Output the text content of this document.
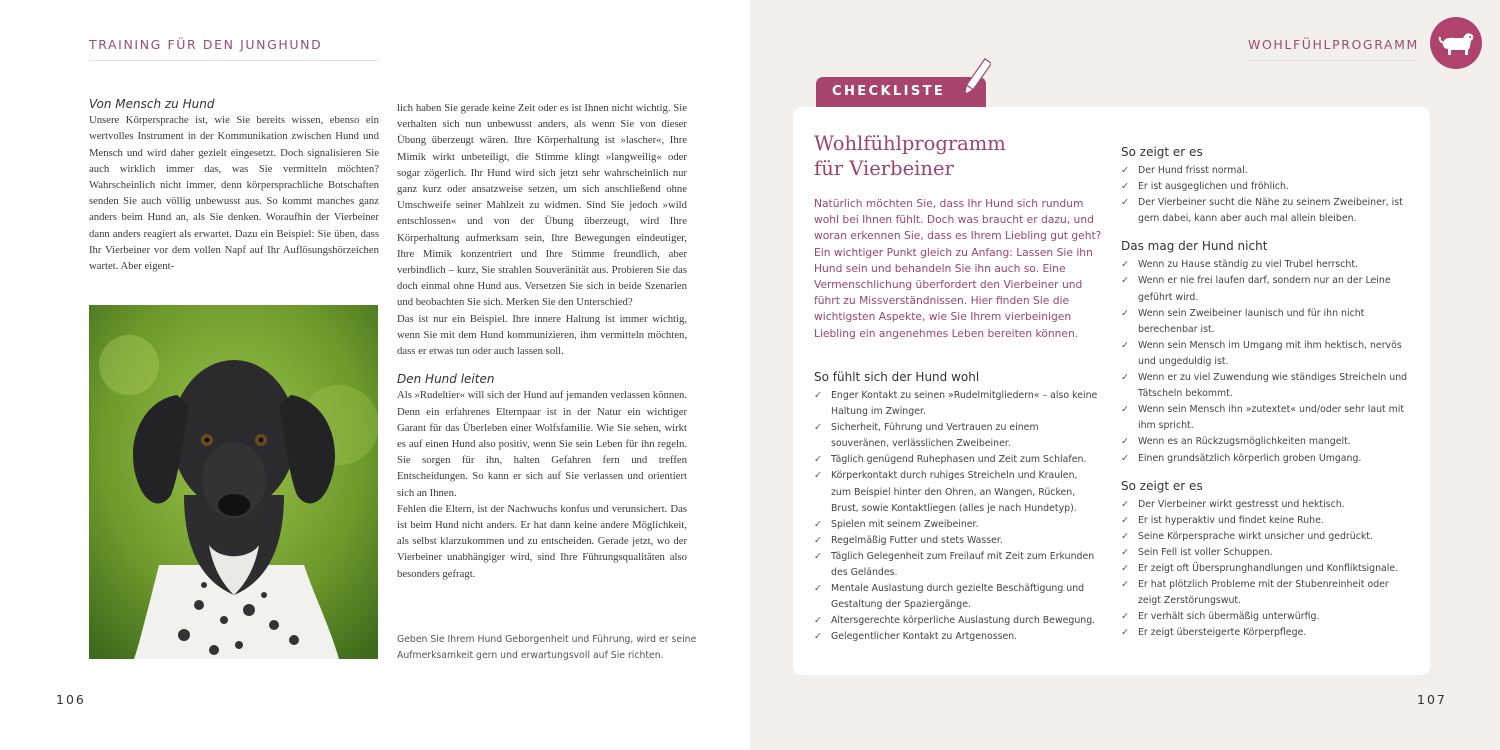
TRAINING FÜR DEN JUNGHUND

Von Mensch zu Hund

Unsere Körpersprache ist, wie Sie bereits wissen, ebenso ein wertvolles Instrument in der Kommunikation zwischen Hund und Mensch und wird daher gezielt eingesetzt. Doch signalisieren Sie auch wirklich immer das, was Sie vermitteln möchten? Wahrscheinlich nicht immer, denn körpersprachliche Botschaften senden Sie auch völlig unbewusst aus. So kommt manches ganz anders beim Hund an, als Sie denken. Woraufhin der Vierbeiner dann anders reagiert als erwartet. Dazu ein Beispiel: Sie üben, dass Ihr Vierbeiner vor dem vollen Napf auf Ihr Auflösungshörzeichen wartet. Aber eigent-

lich haben Sie gerade keine Zeit oder es ist Ihnen nicht wichtig. Sie verhalten sich nun unbewusst anders, als wenn Sie von dieser Übung überzeugt wären. Ihre Körperhaltung ist »lascher«, Ihre Mimik wirkt unbeteiligt, die Stimme klingt »langweilig« oder sogar zögerlich. Ihr Hund wird sich jetzt sehr wahrscheinlich nur ganz kurz oder ansatzweise setzen, um sich anschließend ohne Umschweife seiner Mahlzeit zu widmen. Sind Sie jedoch »wild entschlossen« und von der Übung überzeugt, wird Ihre Körperhaltung aufmerksam sein, Ihre Bewegungen eindeutiger, Ihre Mimik konzentriert und Ihre Stimme freundlich, aber verbindlich – kurz, Sie strahlen Souveränität aus. Probieren Sie das doch einmal ohne Hund aus. Versetzen Sie sich in beide Szenarien und beobachten Sie sich. Merken Sie den Unterschied?

Das ist nur ein Beispiel. Ihre innere Haltung ist immer wichtig, wenn Sie mit dem Hund kommunizieren, ihm vermitteln möchten, dass er etwas tun oder auch lassen soll.

Den Hund leiten

Als »Rudeltier« will sich der Hund auf jemanden verlassen können. Denn ein erfahrenes Elternpaar ist in der Natur ein wichtiger Garant für das Überleben einer Wolfsfamilie. Wie Sie sehen, wirkt es auf einen Hund also positiv, wenn Sie sein Leben für ihn regeln. Sie sorgen für ihn, halten Gefahren fern und treffen Entscheidungen. So kann er sich auf Sie verlassen und orientiert sich an Ihnen.

Fehlen die Eltern, ist der Nachwuchs konfus und verunsichert. Das ist beim Hund nicht anders. Er hat dann keine andere Möglichkeit, als selbst klarzukommen und zu entscheiden. Gerade jetzt, wo der Vierbeiner unabhängiger wird, sind Ihre Führungsqualitäten also besonders gefragt.

Geben Sie Ihrem Hund Geborgenheit und Führung, wird er seine Aufmerksamkeit gern und erwartungsvoll auf Sie richten.
106
WOHLFÜHLPROGRAMM
CHECKLISTE
Wohlfühlprogramm
für Vierbeiner
Natürlich möchten Sie, dass Ihr Hund sich rundum wohl bei Ihnen fühlt. Doch was braucht er dazu, und woran erkennen Sie, dass es Ihrem Liebling gut geht? Ein wichtiger Punkt gleich zu Anfang: Lassen Sie ihn Hund sein und behandeln Sie ihn auch so. Eine Vermenschlichung überfordert den Vierbeiner und führt zu Missverständnissen. Hier finden Sie die wichtigsten Aspekte, wie Sie Ihrem vierbeinigen Liebling ein angenehmes Leben bereiten können.
So fühlt sich der Hund wohl
✓ Enger Kontakt zu seinen »Rudelmitgliedern« – also keine Haltung im Zwinger.
✓ Sicherheit, Führung und Vertrauen zu einem souveränen, verlässlichen Zweibeiner.
✓ Täglich genügend Ruhephasen und Zeit zum Schlafen.
✓ Körperkontakt durch ruhiges Streicheln und Kraulen, zum Beispiel hinter den Ohren, an Wangen, Rücken, Brust, sowie Kontaktliegen (alles je nach Hundetyp).
✓ Spielen mit seinem Zweibeiner.
✓ Regelmäßig Futter und stets Wasser.
✓ Täglich Gelegenheit zum Freilauf mit Zeit zum Erkunden des Geländes.
✓ Mentale Auslastung durch gezielte Beschäftigung und Gestaltung der Spaziergänge.
✓ Altersgerechte körperliche Auslastung durch Bewegung.
✓ Gelegentlicher Kontakt zu Artgenossen.
So zeigt er es
✓ Der Hund frisst normal.
✓ Er ist ausgeglichen und fröhlich.
✓ Der Vierbeiner sucht die Nähe zu seinem Zweibeiner, ist gern dabei, kann aber auch mal allein bleiben.
Das mag der Hund nicht
✓ Wenn zu Hause ständig zu viel Trubel herrscht.
✓ Wenn er nie frei laufen darf, sondern nur an der Leine geführt wird.
✓ Wenn sein Zweibeiner launisch und für ihn nicht berechenbar ist.
✓ Wenn sein Mensch im Umgang mit ihm hektisch, nervös und ungeduldig ist.
✓ Wenn er zu viel Zuwendung wie ständiges Streicheln und Tätscheln bekommt.
✓ Wenn sein Mensch ihn »zutextet« und/oder sehr laut mit ihm spricht.
✓ Wenn es an Rückzugsmöglichkeiten mangelt.
✓ Einen grundsätzlich körperlich groben Umgang.
So zeigt er es
✓ Der Vierbeiner wirkt gestresst und hektisch.
✓ Er ist hyperaktiv und findet keine Ruhe.
✓ Seine Körpersprache wirkt unsicher und gedrückt.
✓ Sein Fell ist voller Schuppen.
✓ Er zeigt oft Übersprunghandlungen und Konfliktsignale.
✓ Er hat plötzlich Probleme mit der Stubenreinheit oder zeigt Zerstörungswut.
✓ Er verhält sich übermäßig unterwürfig.
✓ Er zeigt übersteigerte Körperpflege.
107
